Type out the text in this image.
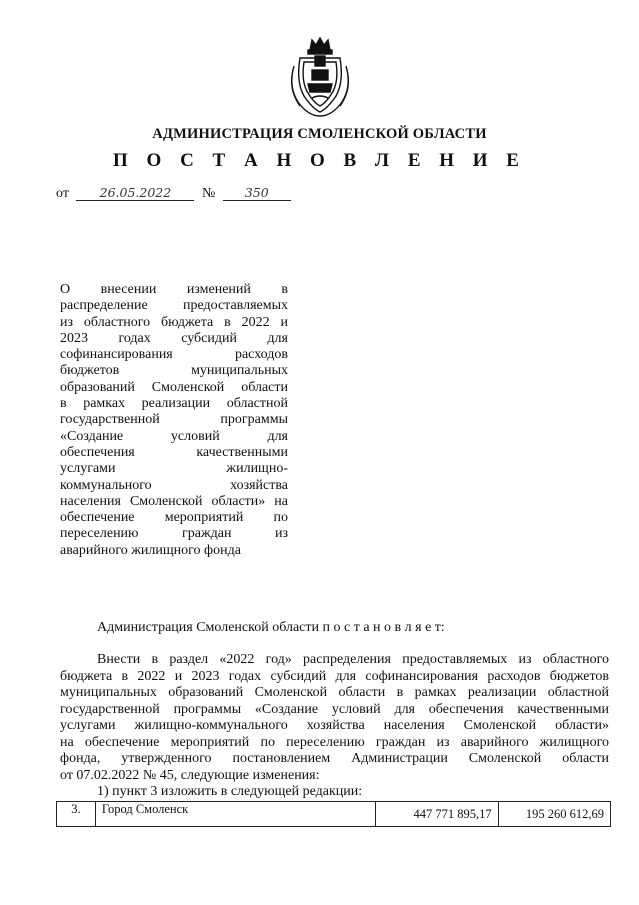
АДМИНИСТРАЦИЯ СМОЛЕНСКОЙ ОБЛАСТИ
П О С Т А Н О В Л Е Н И Е
от 26.05.2022 № 350
О внесении изменений в
распределение предоставляемых
из областного бюджета в 2022 и
2023 годах субсидий для
софинансирования расходов
бюджетов муниципальных
образований Смоленской области
в рамках реализации областной
государственной программы
«Создание условий для
обеспечения качественными
услугами жилищно-
коммунального хозяйства
населения Смоленской области» на
обеспечение мероприятий по
переселению граждан из
аварийного жилищного фонда
Администрация Смоленской области п о с т а н о в л я е т:
Внести в раздел «2022 год» распределения предоставляемых из областного
бюджета в 2022 и 2023 годах субсидий для софинансирования расходов бюджетов
муниципальных образований Смоленской области в рамках реализации областной
государственной программы «Создание условий для обеспечения качественными
услугами жилищно-коммунального хозяйства населения Смоленской области»
на обеспечение мероприятий по переселению граждан из аварийного жилищного
фонда, утвержденного постановлением Администрации Смоленской области
от 07.02.2022 № 45, следующие изменения:
1) пункт 3 изложить в следующей редакции:
3.	Город Смоленск	447 771 895,17	195 260 612,69
